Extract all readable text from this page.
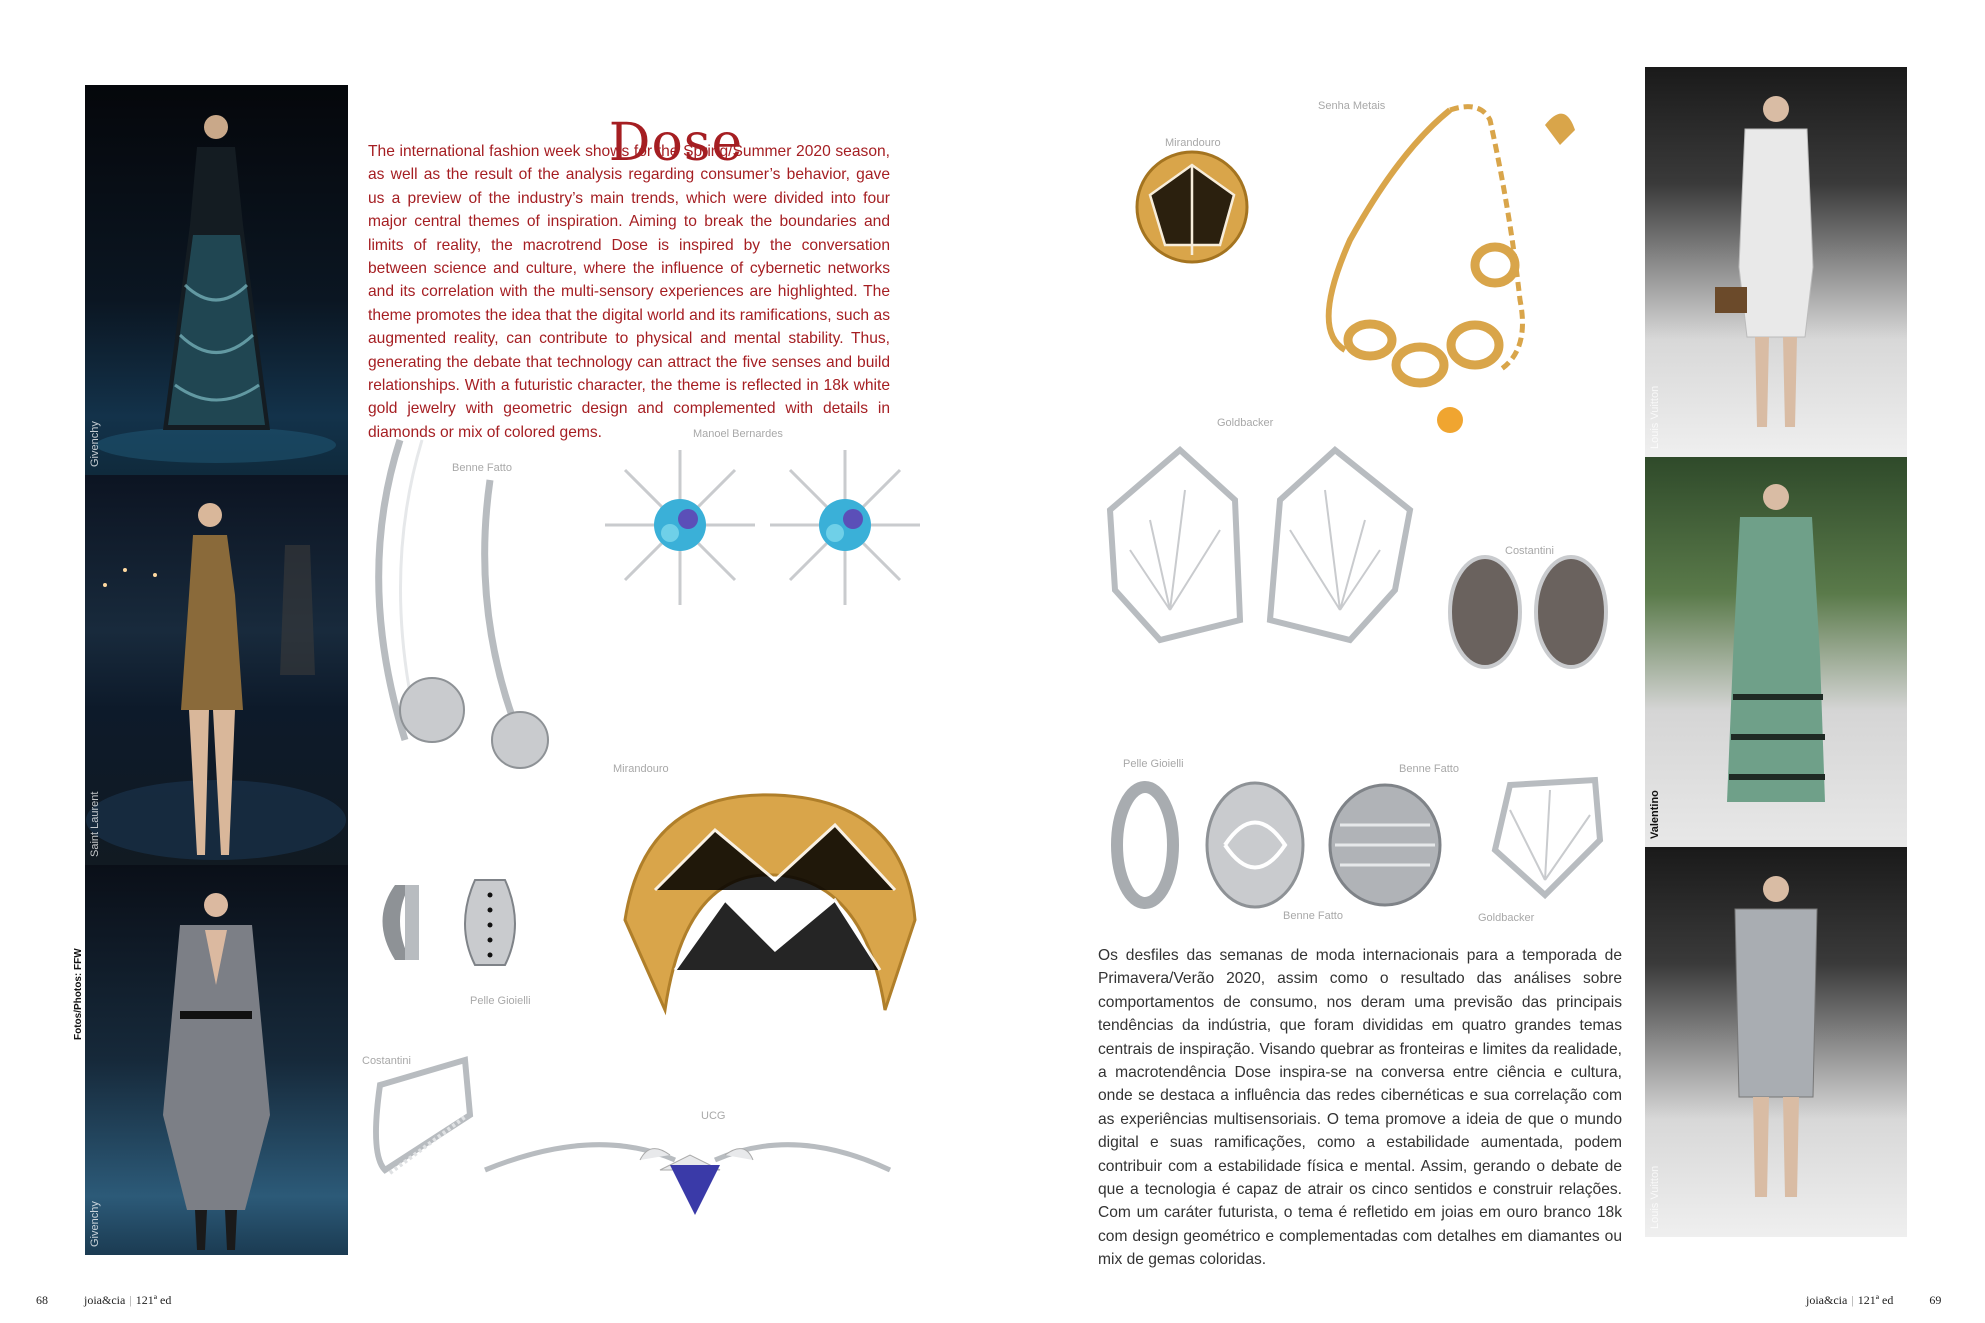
Givenchy
Saint Laurent
Givenchy
Fotos/Photos: FFW
Dose

The international fashion week shows for the Spring/Summer 2020 season, as well as the result of the analysis regarding consumer’s behavior, gave us a preview of the industry’s main trends, which were divided into four major central themes of inspiration. Aiming to break the boundaries and limits of reality, the macrotrend Dose is inspired by the conversation between science and culture, where the influence of cybernetic networks and its correlation with the multi-sensory experiences are highlighted. The theme promotes the idea that the digital world and its ramifications, such as augmented reality, can contribute to physical and mental stability. Thus, generating the debate that technology can attract the five senses and build relationships. With a futuristic character, the theme is reflected in 18k white gold jewelry with geometric design and complemented with details in diamonds or mix of colored gems.

Benne Fatto
Manoel Bernardes
Mirandouro
Pelle Gioielli
Costantini
UCG
68	joia&cia | 121ª ed
Mirandouro
Senha Metais
Goldbacker
Costantini
Pelle Gioielli	Benne Fatto
Benne Fatto	Goldbacker

Os desfiles das semanas de moda internacionais para a temporada de Primavera/Verão 2020, assim como o resultado das análises sobre comportamentos de consumo, nos deram uma previsão das principais tendências da indústria, que foram divididas em quatro grandes temas centrais de inspiração. Visando quebrar as fronteiras e limites da realidade, a macrotendência Dose inspira-se na conversa entre ciência e cultura, onde se destaca a influência das redes cibernéticas e sua correlação com as experiências multisensoriais. O tema promove a ideia de que o mundo digital e suas ramificações, como a estabilidade aumentada, podem contribuir com a estabilidade física e mental. Assim, gerando o debate de que a tecnologia é capaz de atrair os cinco sentidos e construir relações. Com um caráter futurista, o tema é refletido em joias em ouro branco 18k com design geométrico e complementadas com detalhes em diamantes ou mix de gemas coloridas.

Louis Vuitton
Valentino
Louis Vuitton
joia&cia | 121ª ed	69
